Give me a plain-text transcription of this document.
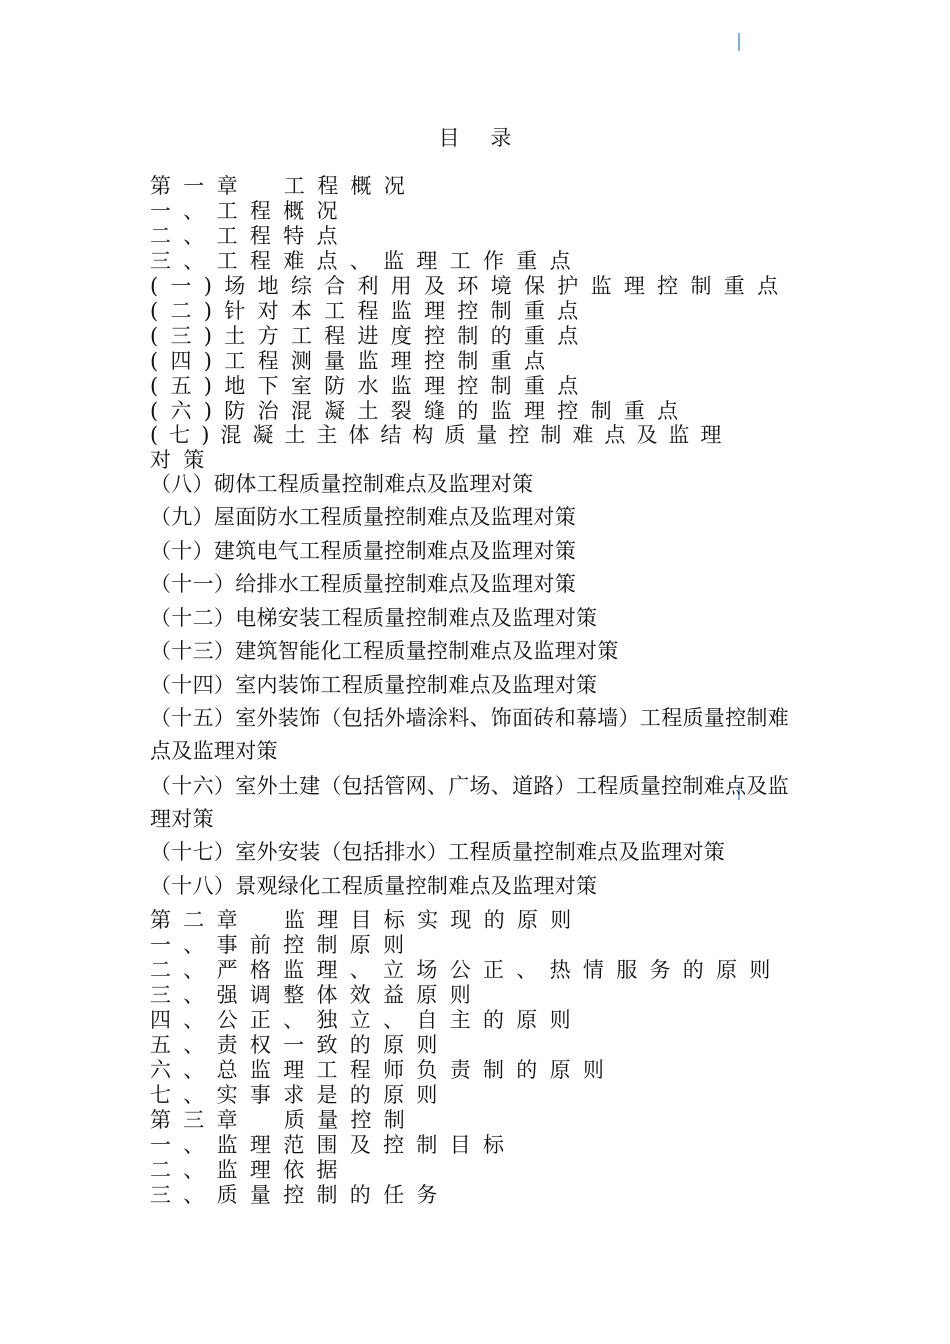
目 录
第一章 工程概况
一、工程概况
二、工程特点
三、工程难点、监理工作重点
(一)场地综合利用及环境保护监理控制重点
(二)针对本工程监理控制重点
(三)土方工程进度控制的重点
(四)工程测量监理控制重点
(五)地下室防水监理控制重点
(六)防治混凝土裂缝的监理控制重点
(七)混凝土主体结构质量控制难点及监理
对策
（八）砌体工程质量控制难点及监理对策
（九）屋面防水工程质量控制难点及监理对策
（十）建筑电气工程质量控制难点及监理对策
（十一）给排水工程质量控制难点及监理对策
（十二）电梯安装工程质量控制难点及监理对策
（十三）建筑智能化工程质量控制难点及监理对策
（十四）室内装饰工程质量控制难点及监理对策
（十五）室外装饰（包括外墙涂料、饰面砖和幕墙）工程质量控制难点及监理对策
（十六）室外土建（包括管网、广场、道路）工程质量控制难点及监理对策
（十七）室外安装（包括排水）工程质量控制难点及监理对策
（十八）景观绿化工程质量控制难点及监理对策
第二章 监理目标实现的原则
一、事前控制原则
二、严格监理、立场公正、热情服务的原则
三、强调整体效益原则
四、公正、独立、自主的原则
五、责权一致的原则
六、总监理工程师负责制的原则
七、实事求是的原则
第三章 质量控制
一、监理范围及控制目标
二、监理依据
三、质量控制的任务
